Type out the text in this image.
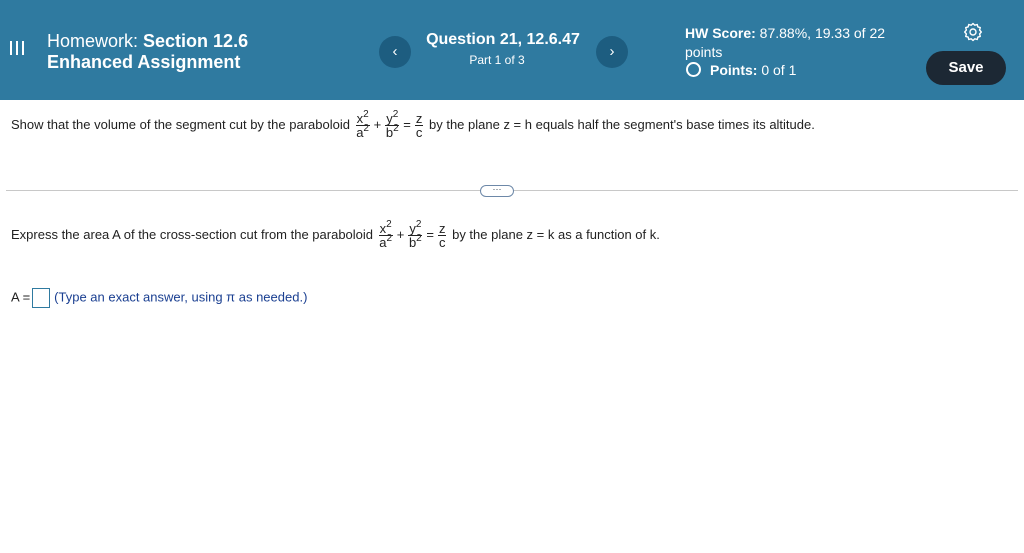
Homework: Section 12.6
Enhanced Assignment
‹
Question 21, 12.6.47
Part 1 of 3	›
HW Score: 87.88%, 19.33 of 22 points
Points: 0 of 1	Save
Show that the volume of the segment cut by the paraboloid $\frac{x^2}{a^2} + \frac{y^2}{b^2} = \frac{z}{c}$ by the plane z = h equals half the segment's base times its altitude.
···
Express the area A of the cross-section cut from the paraboloid $\frac{x^2}{a^2} + \frac{y^2}{b^2} = \frac{z}{c}$ by the plane z = k as a function of k.
A = (Type an exact answer, using π as needed.)
